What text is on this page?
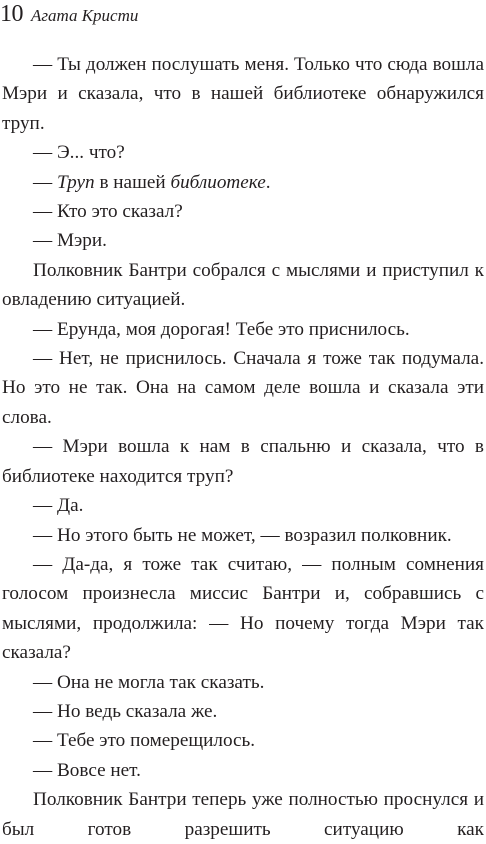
10 Агата Кристи

— Ты должен послушать меня. Только что сюда вошла Мэри и сказала, что в нашей библиотеке обнаружился труп.

— Э... что?

— Труп в нашей библиотеке.

— Кто это сказал?

— Мэри.

Полковник Бантри собрался с мыслями и приступил к овладению ситуацией.

— Ерунда, моя дорогая! Тебе это приснилось.

— Нет, не приснилось. Сначала я тоже так подумала. Но это не так. Она на самом деле вошла и сказала эти слова.

— Мэри вошла к нам в спальню и сказала, что в библиотеке находится труп?

— Да.

— Но этого быть не может, — возразил полковник.

— Да-да, я тоже так считаю, — полным сомнения голосом произнесла миссис Бантри и, собравшись с мыслями, продолжила: — Но почему тогда Мэри так сказала?

— Она не могла так сказать.

— Но ведь сказала же.

— Тебе это померещилось.

— Вовсе нет.

Полковник Бантри теперь уже полностью проснулся и был готов разрешить ситуацию как
